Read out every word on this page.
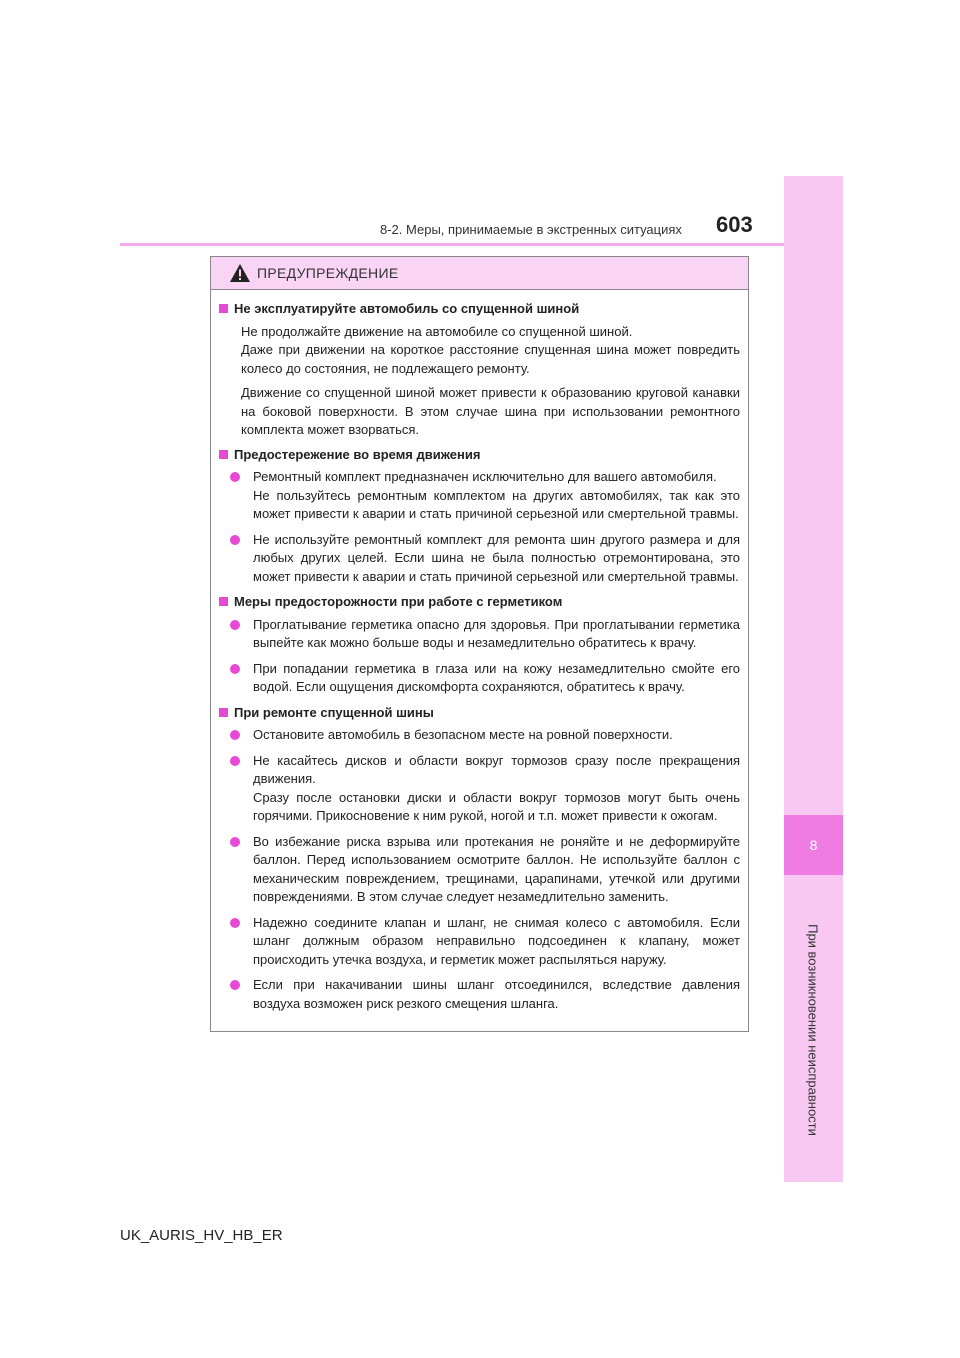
8-2. Меры, принимаемые в экстренных ситуациях 603
8
При возникновении неисправности
ПРЕДУПРЕЖДЕНИЕ
Не эксплуатируйте автомобиль со спущенной шиной

Не продолжайте движение на автомобиле со спущенной шиной.

Даже при движении на короткое расстояние спущенная шина может повредить колесо до состояния, не подлежащего ремонту.

Движение со спущенной шиной может привести к образованию круговой канавки на боковой поверхности. В этом случае шина при использовании ремонтного комплекта может взорваться.

Предостережение во время движения

Ремонтный комплект предназначен исключительно для вашего автомобиля.

Не пользуйтесь ремонтным комплектом на других автомобилях, так как это может привести к аварии и стать причиной серьезной или смертельной травмы.

Не используйте ремонтный комплект для ремонта шин другого размера и для любых других целей. Если шина не была полностью отремонтирована, это может привести к аварии и стать причиной серьезной или смертельной травмы.

Меры предосторожности при работе с герметиком

Проглатывание герметика опасно для здоровья. При проглатывании герметика выпейте как можно больше воды и незамедлительно обратитесь к врачу.

При попадании герметика в глаза или на кожу незамедлительно смойте его водой. Если ощущения дискомфорта сохраняются, обратитесь к врачу.

При ремонте спущенной шины

Остановите автомобиль в безопасном месте на ровной поверхности.

Не касайтесь дисков и области вокруг тормозов сразу после прекращения движения.

Сразу после остановки диски и области вокруг тормозов могут быть очень горячими. Прикосновение к ним рукой, ногой и т.п. может привести к ожогам.

Во избежание риска взрыва или протекания не роняйте и не деформируйте баллон. Перед использованием осмотрите баллон. Не используйте баллон с механическим повреждением, трещинами, царапинами, утечкой или другими повреждениями. В этом случае следует незамедлительно заменить.

Надежно соедините клапан и шланг, не снимая колесо с автомобиля. Если шланг должным образом неправильно подсоединен к клапану, может происходить утечка воздуха, и герметик может распыляться наружу.

Если при накачивании шины шланг отсоединился, вследствие давления воздуха возможен риск резкого смещения шланга.

UK_AURIS_HV_HB_ER
